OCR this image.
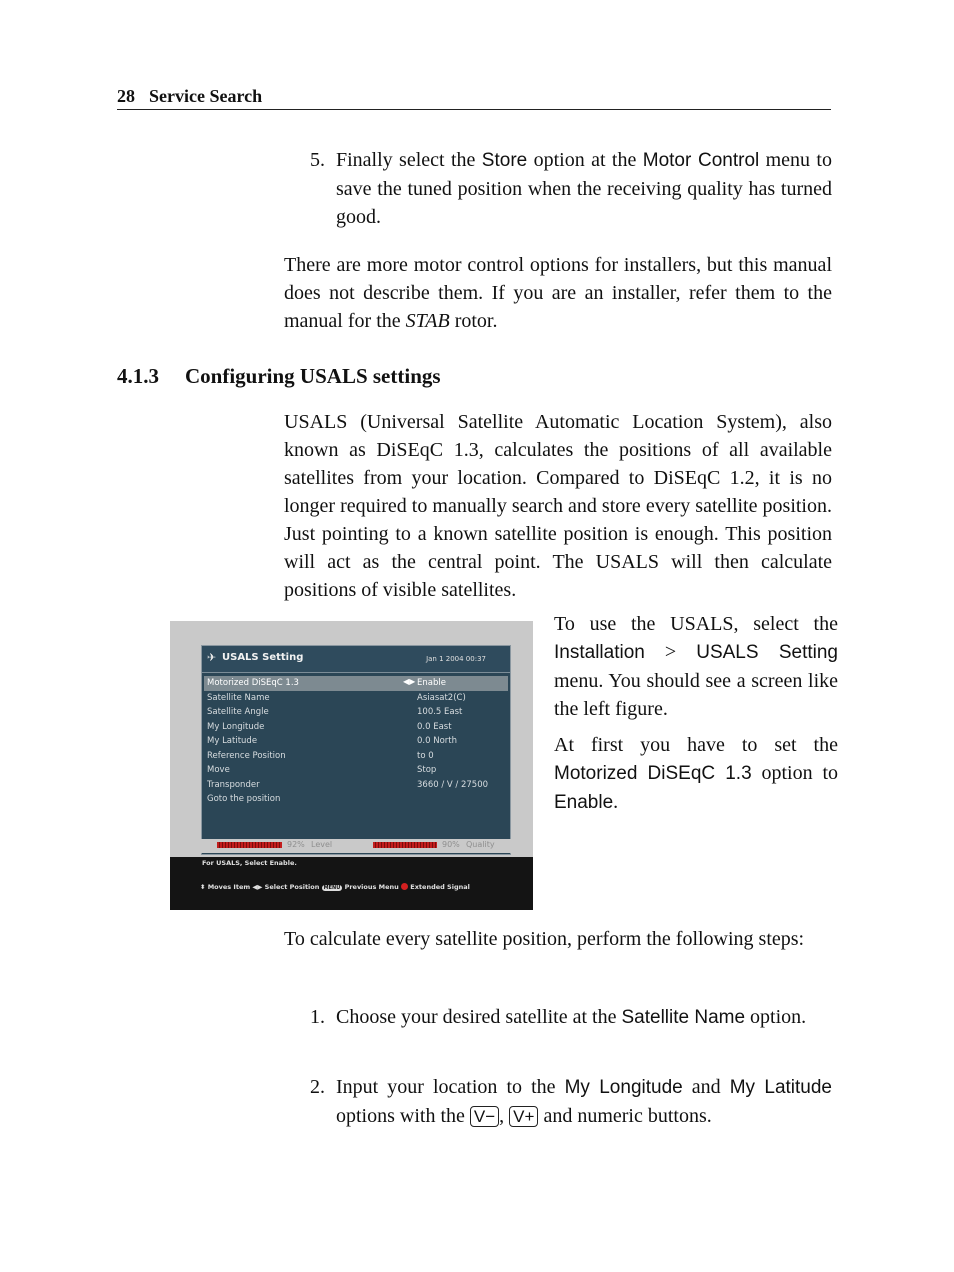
28 Service Search
5. Finally select the Store option at the Motor Control menu to save the tuned position when the receiving quality has turned good.
There are more motor control options for installers, but this manual does not describe them. If you are an installer, refer them to the manual for the STAB rotor.
4.1.3 Configuring USALS settings
USALS (Universal Satellite Automatic Location System), also known as DiSEqC 1.3, calculates the positions of all available satellites from your location. Compared to DiSEqC 1.2, it is no longer required to manually search and store every satellite position. Just pointing to a known satellite position is enough. This position will act as the central point. The USALS will then calculate positions of visible satellites.
✈ USALS Setting	Jan 1 2004 00:37
Motorized DiSEqC 1.3	◀▶ Enable
Satellite Name	Asiasat2(C)
Satellite Angle	100.5 East
My Longitude	0.0 East
My Latitude	0.0 North
Reference Position	to 0
Move	Stop
Transponder	3660 / V / 27500
Goto the position
92% Level	90% Quality
For USALS, Select Enable.
⬍ Moves Item ◀▶ Select Position MENU Previous Menu Extended Signal
To use the USALS, select the Installation > USALS Setting menu. You should see a screen like the left figure.
At first you have to set the Motorized DiSEqC 1.3 option to Enable.
To calculate every satellite position, perform the following steps:
1. Choose your desired satellite at the Satellite Name option.
2. Input your location to the My Longitude and My Latitude options with the V− , V+ and numeric buttons.
